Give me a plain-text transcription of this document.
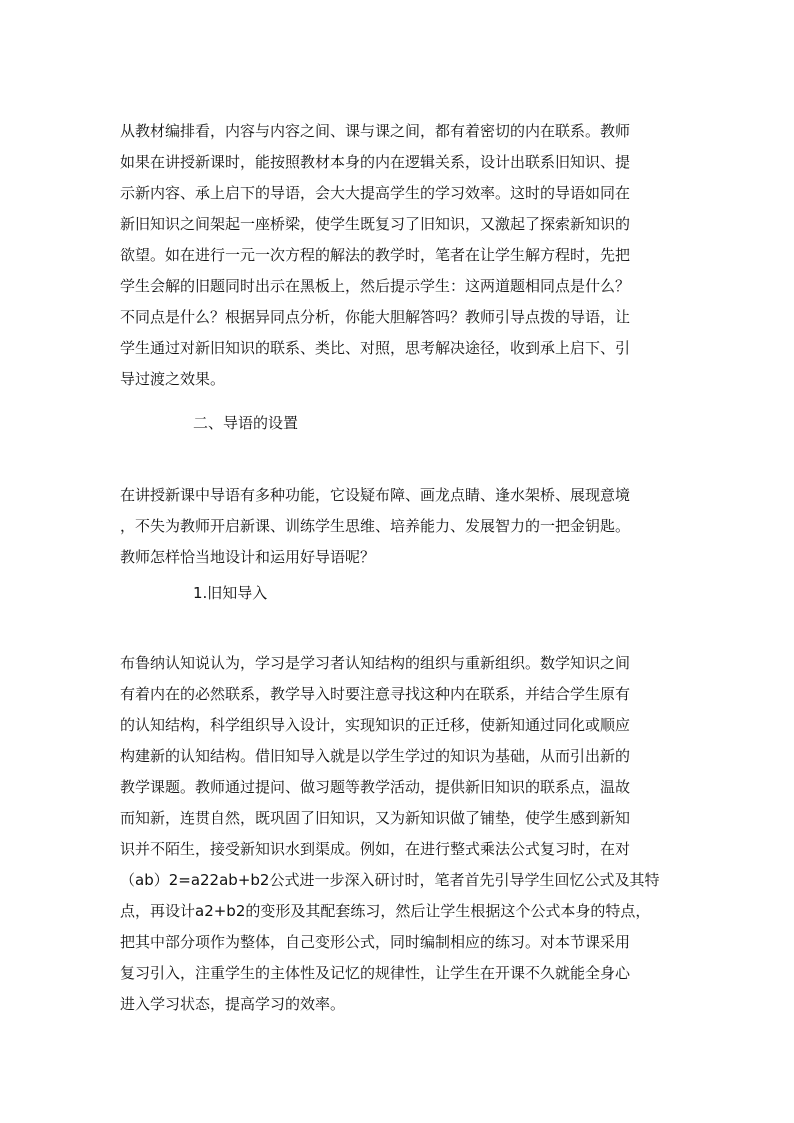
从教材编排看，内容与内容之间、课与课之间，都有着密切的内在联系。教师
如果在讲授新课时，能按照教材本身的内在逻辑关系，设计出联系旧知识、提
示新内容、承上启下的导语，会大大提高学生的学习效率。这时的导语如同在
新旧知识之间架起一座桥梁，使学生既复习了旧知识，又激起了探索新知识的
欲望。如在进行一元一次方程的解法的教学时，笔者在让学生解方程时，先把
学生会解的旧题同时出示在黑板上，然后提示学生：这两道题相同点是什么？
不同点是什么？根据异同点分析，你能大胆解答吗？教师引导点拨的导语，让
学生通过对新旧知识的联系、类比、对照，思考解决途径，收到承上启下、引
导过渡之效果。
二、导语的设置
在讲授新课中导语有多种功能，它设疑布障、画龙点睛、逢水架桥、展现意境
，不失为教师开启新课、训练学生思维、培养能力、发展智力的一把金钥匙。
教师怎样恰当地设计和运用好导语呢？
1.旧知导入
布鲁纳认知说认为，学习是学习者认知结构的组织与重新组织。数学知识之间
有着内在的必然联系，教学导入时要注意寻找这种内在联系，并结合学生原有
的认知结构，科学组织导入设计，实现知识的正迁移，使新知通过同化或顺应
构建新的认知结构。借旧知导入就是以学生学过的知识为基础，从而引出新的
教学课题。教师通过提问、做习题等教学活动，提供新旧知识的联系点，温故
而知新，连贯自然，既巩固了旧知识，又为新知识做了铺垫，使学生感到新知
识并不陌生，接受新知识水到渠成。例如，在进行整式乘法公式复习时，在对
（ab）2=a22ab+b2公式进一步深入研讨时，笔者首先引导学生回忆公式及其特
点，再设计a2+b2的变形及其配套练习，然后让学生根据这个公式本身的特点，
把其中部分项作为整体，自己变形公式，同时编制相应的练习。对本节课采用
复习引入，注重学生的主体性及记忆的规律性，让学生在开课不久就能全身心
进入学习状态，提高学习的效率。
